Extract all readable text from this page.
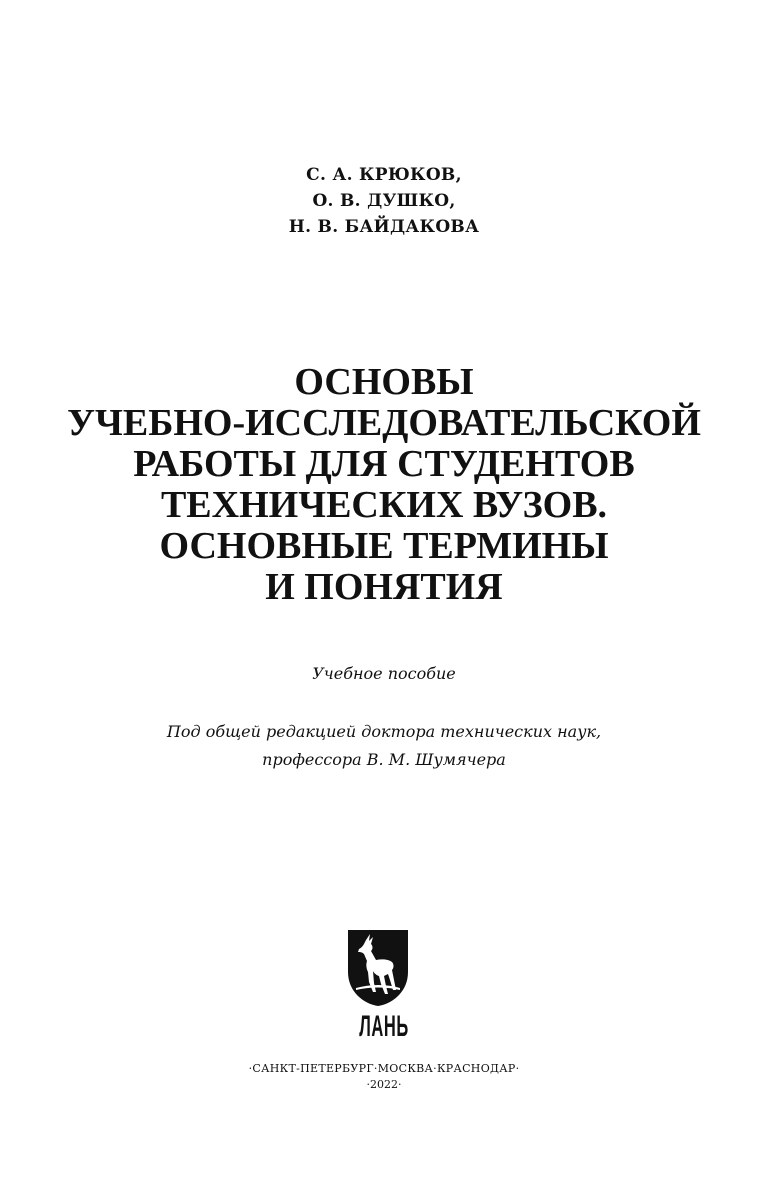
С. А. КРЮКОВ,
О. В. ДУШКО,
Н. В. БАЙДАКОВА
ОСНОВЫ
УЧЕБНО-ИССЛЕДОВАТЕЛЬСКОЙ
РАБОТЫ ДЛЯ СТУДЕНТОВ
ТЕХНИЧЕСКИХ ВУЗОВ.
ОСНОВНЫЕ ТЕРМИНЫ
И ПОНЯТИЯ
Учебное пособие
Под общей редакцией доктора технических наук,
профессора В. М. Шумячера
ЛАНЬ
·САНКТ-ПЕТЕРБУРГ·МОСКВА·КРАСНОДАР·
·2022·
